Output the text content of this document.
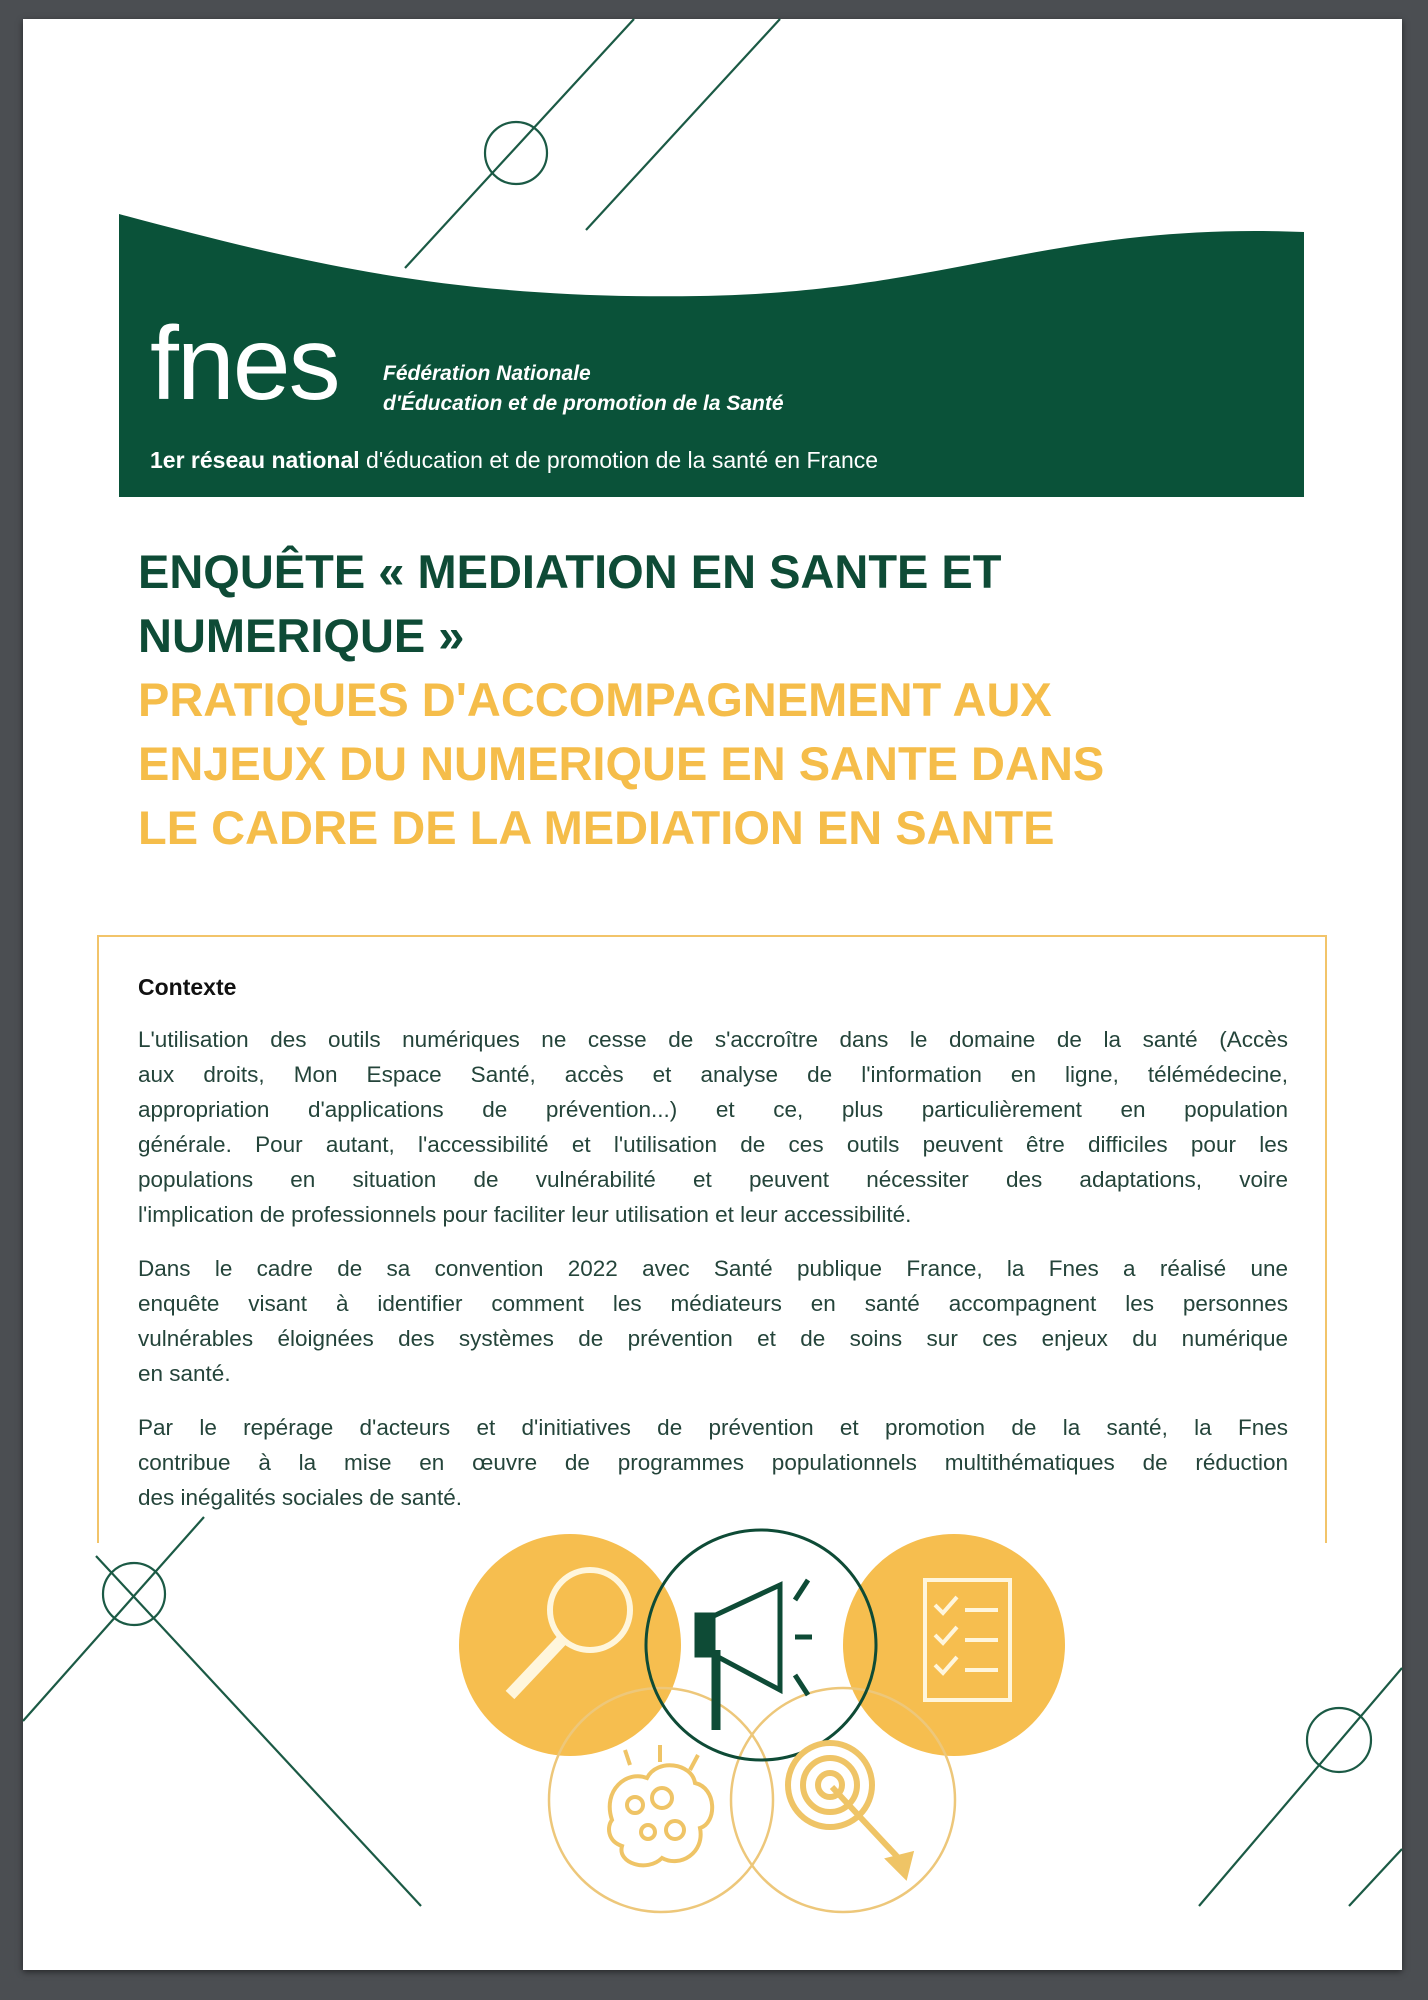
fnes Fédération Nationale
d'Éducation et de promotion de la Santé
1er réseau national d'éducation et de promotion de la santé en France
ENQUÊTE « MEDIATION EN SANTE ET
NUMERIQUE »
PRATIQUES D'ACCOMPAGNEMENT AUX
ENJEUX DU NUMERIQUE EN SANTE DANS
LE CADRE DE LA MEDIATION EN SANTE
Contexte
L'utilisation des outils numériques ne cesse de s'accroître dans le domaine de la santé (Accès
aux droits, Mon Espace Santé, accès et analyse de l'information en ligne, télémédecine,
appropriation d'applications de prévention...) et ce, plus particulièrement en population
générale. Pour autant, l'accessibilité et l'utilisation de ces outils peuvent être difficiles pour les
populations en situation de vulnérabilité et peuvent nécessiter des adaptations, voire
l'implication de professionnels pour faciliter leur utilisation et leur accessibilité.
Dans le cadre de sa convention 2022 avec Santé publique France, la Fnes a réalisé une
enquête visant à identifier comment les médiateurs en santé accompagnent les personnes
vulnérables éloignées des systèmes de prévention et de soins sur ces enjeux du numérique
en santé.
Par le repérage d'acteurs et d'initiatives de prévention et promotion de la santé, la Fnes
contribue à la mise en œuvre de programmes populationnels multithématiques de réduction
des inégalités sociales de santé.
